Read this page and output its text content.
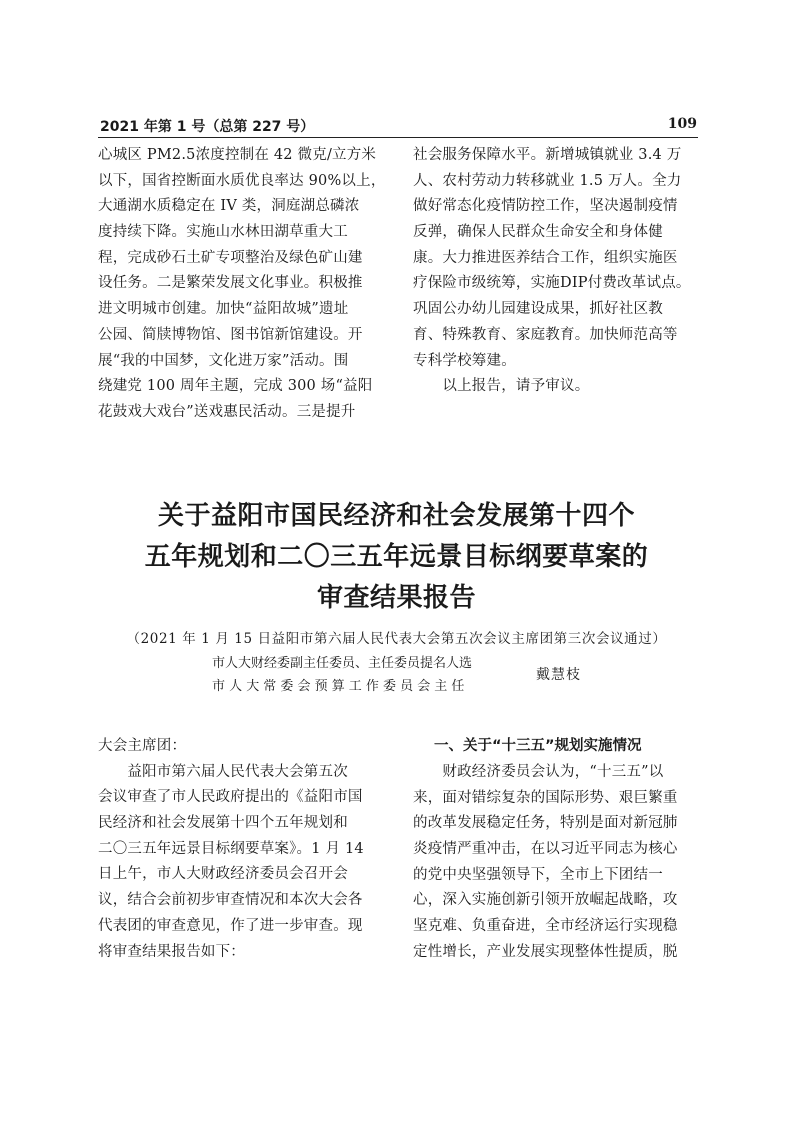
2021 年第 1 号（总第 227 号）	109
心城区 PM2.5浓度控制在 42 微克/立方米
以下，国省控断面水质优良率达 90%以上，
大通湖水质稳定在 IV 类，洞庭湖总磷浓
度持续下降。实施山水林田湖草重大工
程，完成砂石土矿专项整治及绿色矿山建
设任务。二是繁荣发展文化事业。积极推
进文明城市创建。加快“益阳故城”遗址
公园、简牍博物馆、图书馆新馆建设。开
展“我的中国梦，文化进万家”活动。围
绕建党 100 周年主题，完成 300 场“益阳
花鼓戏大戏台”送戏惠民活动。三是提升
社会服务保障水平。新增城镇就业 3.4 万
人、农村劳动力转移就业 1.5 万人。全力
做好常态化疫情防控工作，坚决遏制疫情
反弹，确保人民群众生命安全和身体健
康。大力推进医养结合工作，组织实施医
疗保险市级统筹，实施DIP付费改革试点。
巩固公办幼儿园建设成果，抓好社区教
育、特殊教育、家庭教育。加快师范高等
专科学校筹建。
　　以上报告，请予审议。
关于益阳市国民经济和社会发展第十四个
五年规划和二〇三五年远景目标纲要草案的
审查结果报告
（2021 年 1 月 15 日益阳市第六届人民代表大会第五次会议主席团第三次会议通过）
市人大财经委副主任委员、主任委员提名人选
市人大常委会预算工作委员会主任
戴慧枝
大会主席团：
　　益阳市第六届人民代表大会第五次
会议审查了市人民政府提出的《益阳市国
民经济和社会发展第十四个五年规划和
二〇三五年远景目标纲要草案》。1 月 14
日上午，市人大财政经济委员会召开会
议，结合会前初步审查情况和本次大会各
代表团的审查意见，作了进一步审查。现
将审查结果报告如下：
一、关于“十三五”规划实施情况
　　财政经济委员会认为，“十三五”以
来，面对错综复杂的国际形势、艰巨繁重
的改革发展稳定任务，特别是面对新冠肺
炎疫情严重冲击，在以习近平同志为核心
的党中央坚强领导下，全市上下团结一
心，深入实施创新引领开放崛起战略，攻
坚克难、负重奋进，全市经济运行实现稳
定性增长，产业发展实现整体性提质，脱
